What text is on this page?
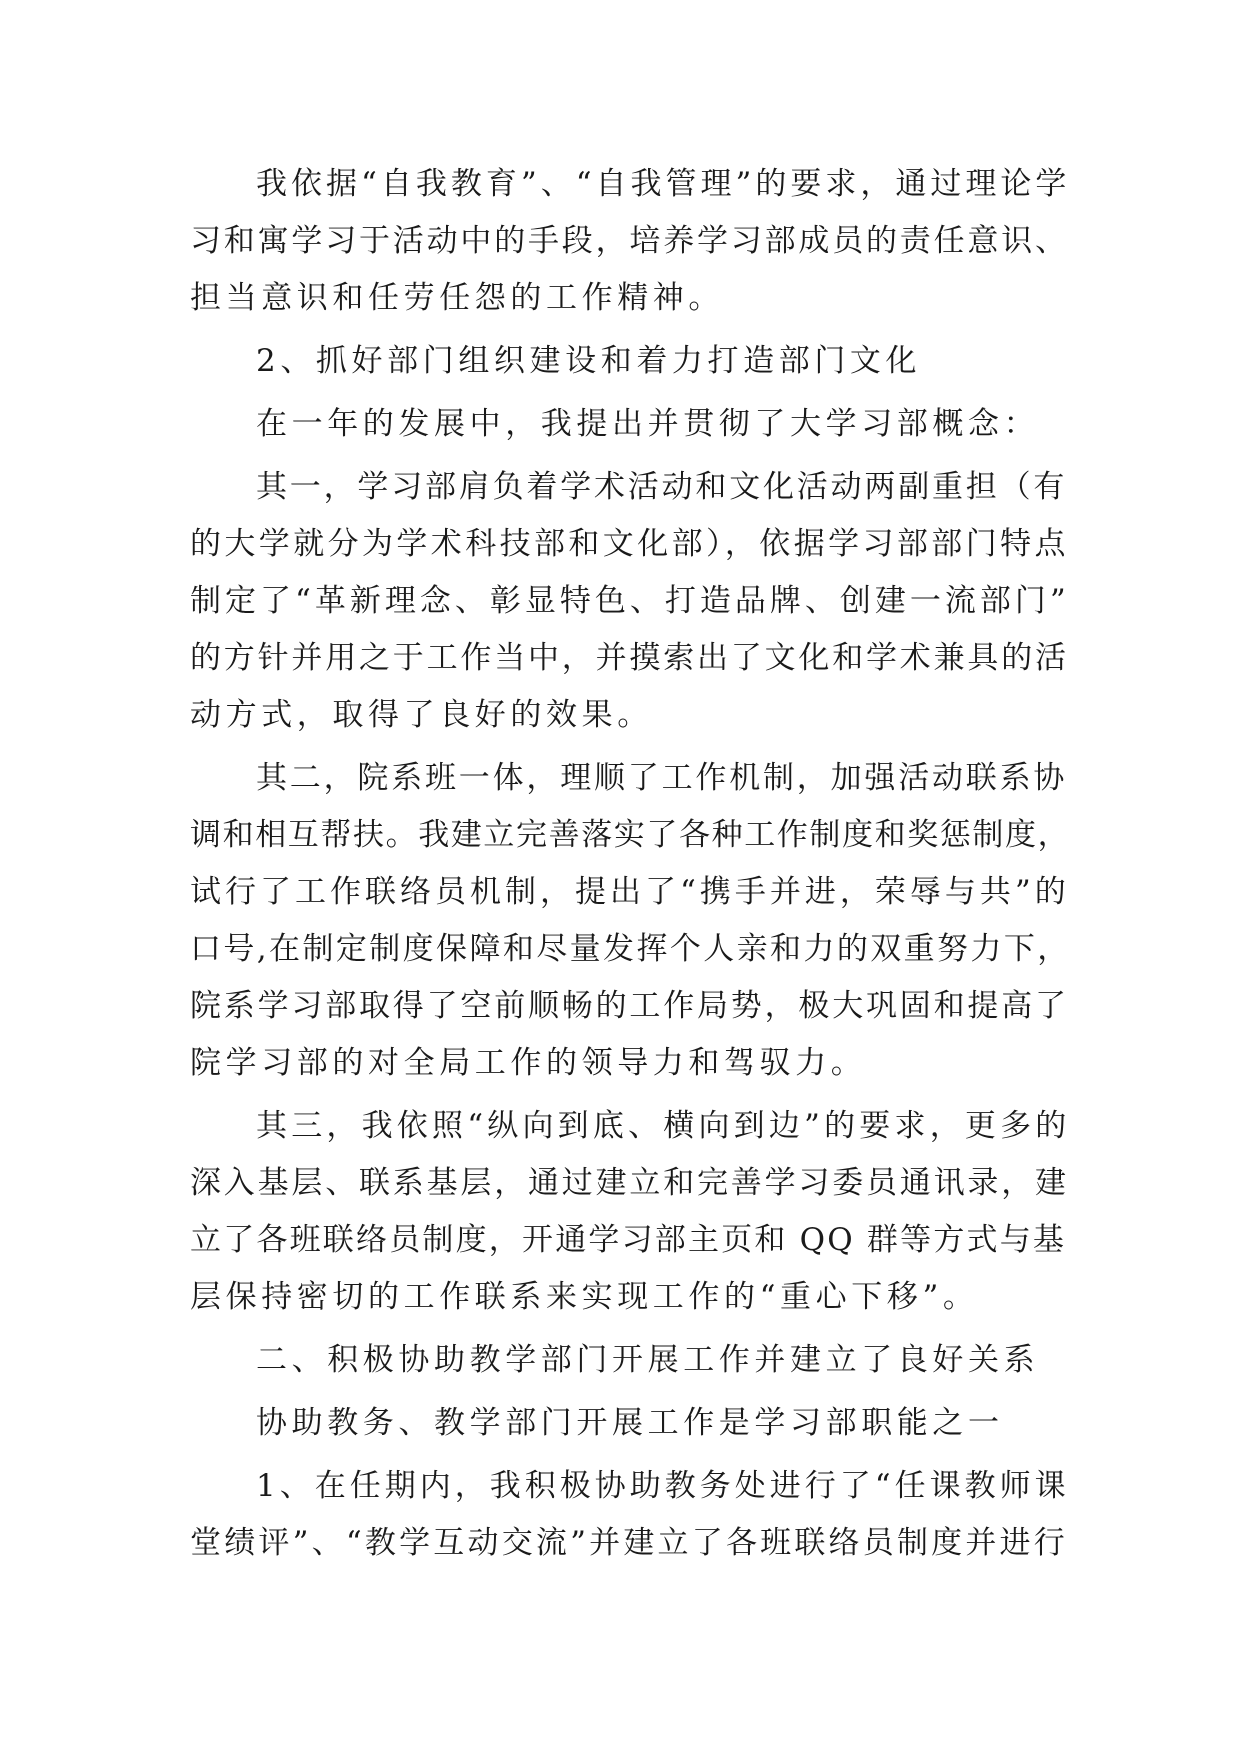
我依据“自我教育”、“自我管理”的要求，通过理论学
习和寓学习于活动中的手段，培养学习部成员的责任意识、
担当意识和任劳任怨的工作精神。
2、抓好部门组织建设和着力打造部门文化
在一年的发展中，我提出并贯彻了大学习部概念：
其一，学习部肩负着学术活动和文化活动两副重担（有
的大学就分为学术科技部和文化部），依据学习部部门特点
制定了“革新理念、彰显特色、打造品牌、创建一流部门”
的方针并用之于工作当中，并摸索出了文化和学术兼具的活
动方式，取得了良好的效果。
其二，院系班一体，理顺了工作机制，加强活动联系协
调和相互帮扶。我建立完善落实了各种工作制度和奖惩制度，
试行了工作联络员机制，提出了“携手并进，荣辱与共”的
口号,在制定制度保障和尽量发挥个人亲和力的双重努力下，
院系学习部取得了空前顺畅的工作局势，极大巩固和提高了
院学习部的对全局工作的领导力和驾驭力。
其三，我依照“纵向到底、横向到边”的要求，更多的
深入基层、联系基层，通过建立和完善学习委员通讯录，建
立了各班联络员制度，开通学习部主页和 QQ 群等方式与基
层保持密切的工作联系来实现工作的“重心下移”。
二、积极协助教学部门开展工作并建立了良好关系
协助教务、教学部门开展工作是学习部职能之一
1、在任期内，我积极协助教务处进行了“任课教师课
堂绩评”、“教学互动交流”并建立了各班联络员制度并进行
